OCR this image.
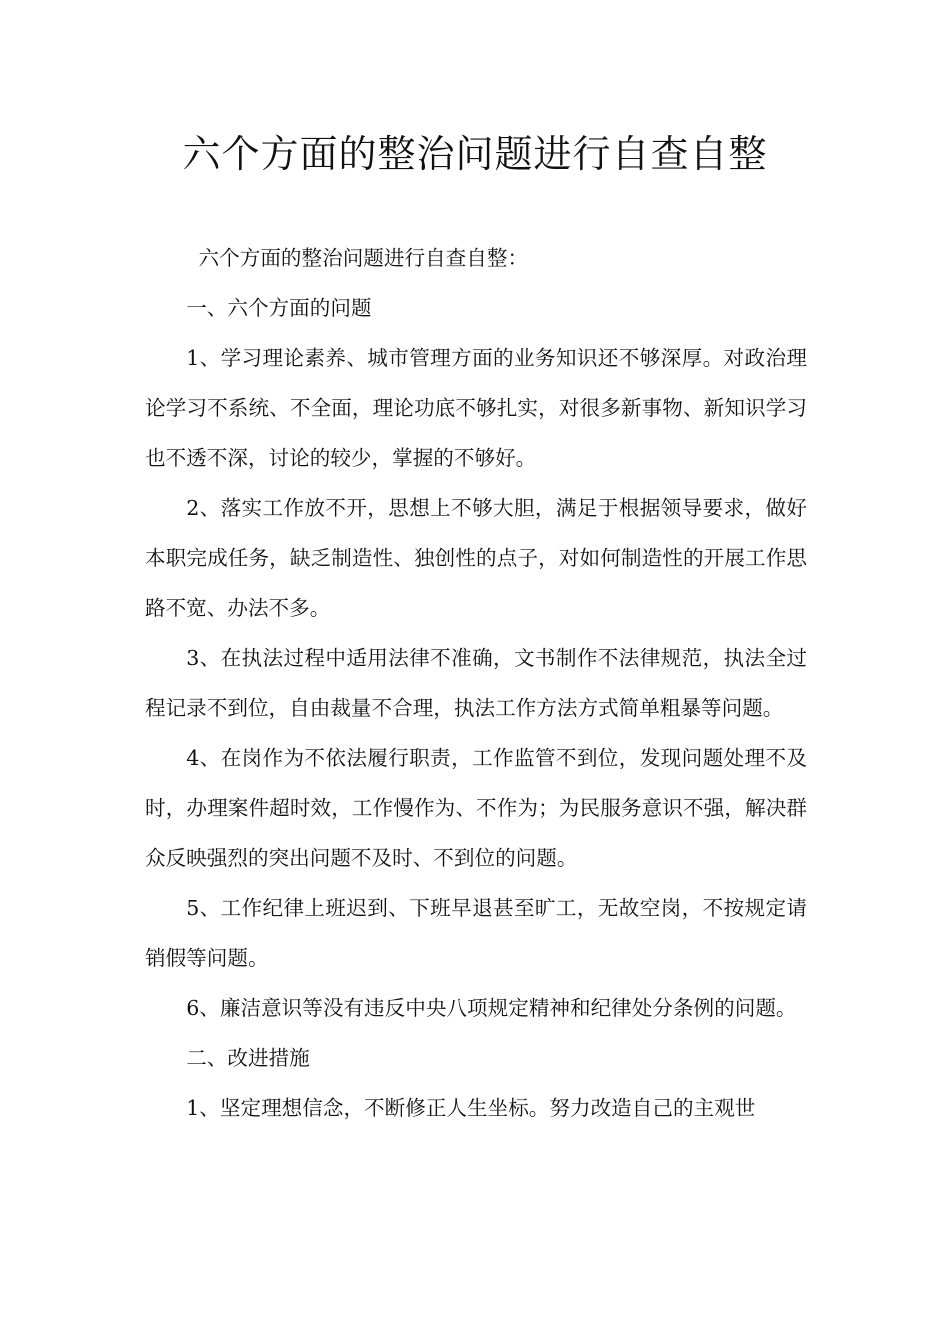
六个方面的整治问题进行自查自整

六个方面的整治问题进行自查自整：

一、六个方面的问题

1、学习理论素养、城市管理方面的业务知识还不够深厚。对政治理论学习不系统、不全面，理论功底不够扎实，对很多新事物、新知识学习也不透不深，讨论的较少，掌握的不够好。

2、落实工作放不开，思想上不够大胆，满足于根据领导要求，做好本职完成任务，缺乏制造性、独创性的点子，对如何制造性的开展工作思路不宽、办法不多。

3、在执法过程中适用法律不准确，文书制作不法律规范，执法全过程记录不到位，自由裁量不合理，执法工作方法方式简单粗暴等问题。

4、在岗作为不依法履行职责，工作监管不到位，发现问题处理不及时，办理案件超时效，工作慢作为、不作为；为民服务意识不强，解决群众反映强烈的突出问题不及时、不到位的问题。

5、工作纪律上班迟到、下班早退甚至旷工，无故空岗，不按规定请销假等问题。

6、廉洁意识等没有违反中央八项规定精神和纪律处分条例的问题。

二、改进措施

1、坚定理想信念，不断修正人生坐标。努力改造自己的主观世
